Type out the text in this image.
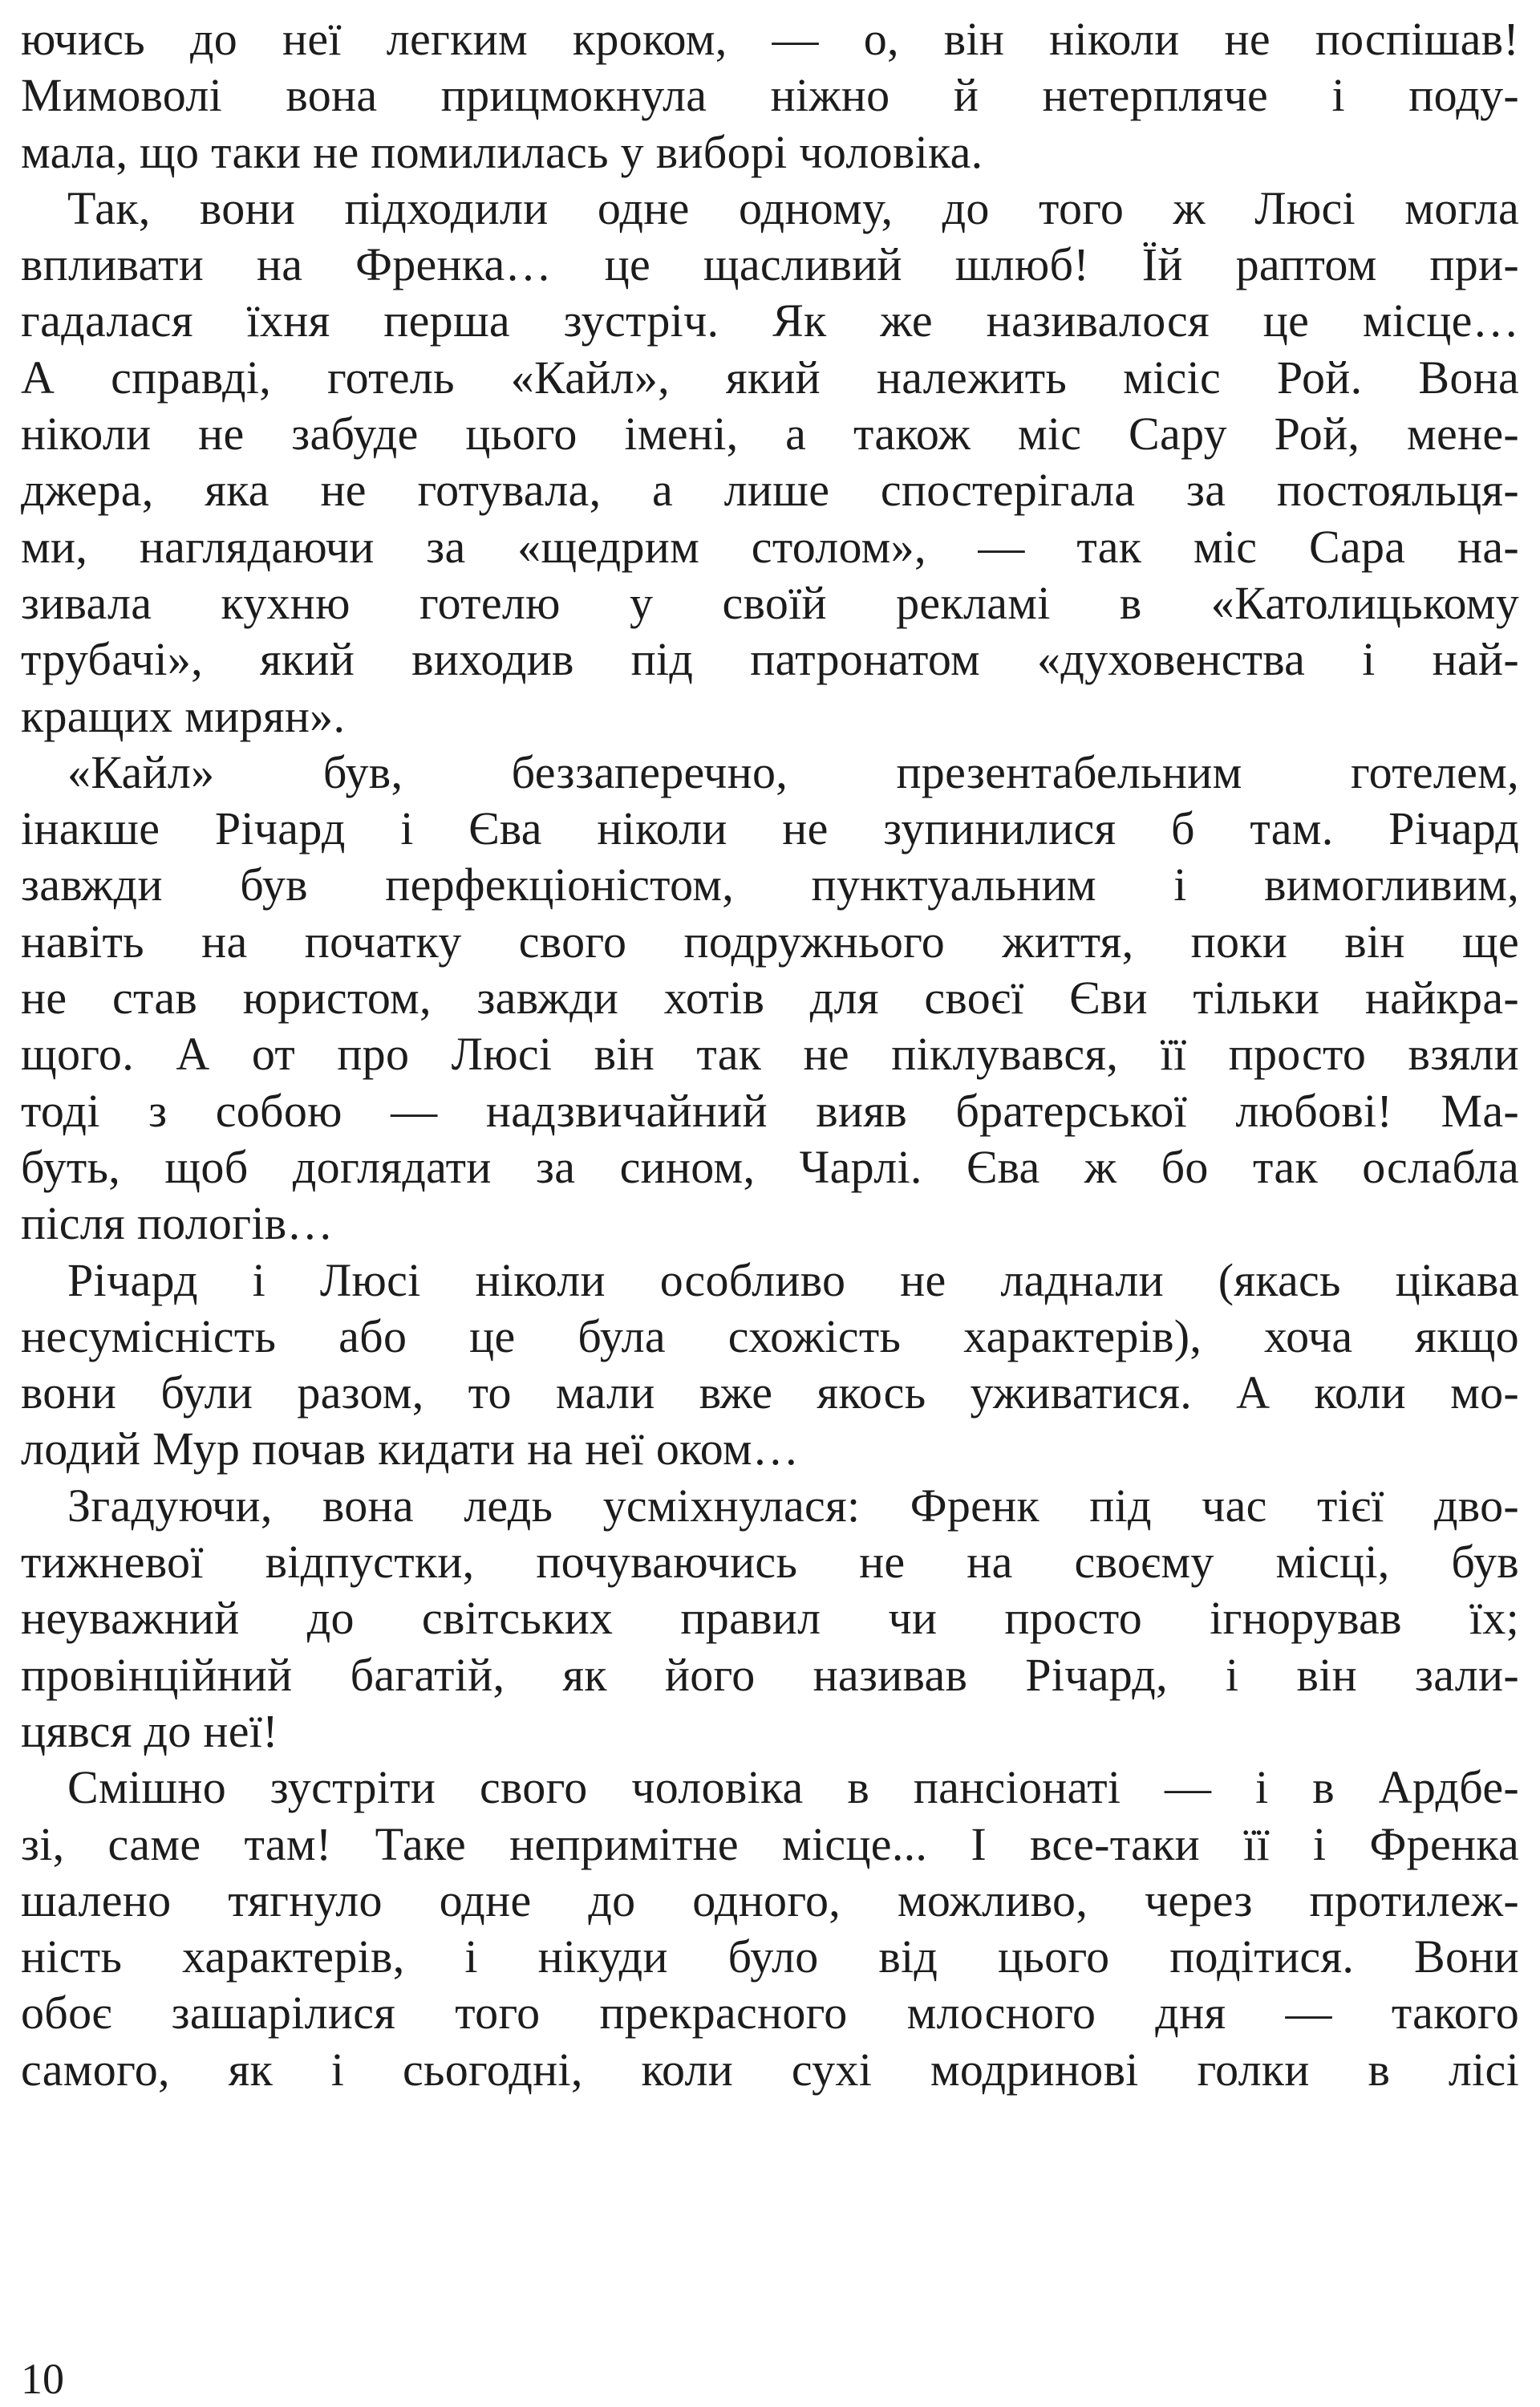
ючись до неї легким кроком, — о, він ніколи не поспішав!
Мимоволі вона прицмокнула ніжно й нетерпляче і поду-
мала, що таки не помилилась у виборі чоловіка.
Так, вони підходили одне одному, до того ж Люсі могла
впливати на Френка… це щасливий шлюб! Їй раптом при-
гадалася їхня перша зустріч. Як же називалося це місце…
А справді, готель «Кайл», який належить місіс Рой. Вона
ніколи не забуде цього імені, а також міс Сару Рой, мене-
джера, яка не готувала, а лише спостерігала за постояльця-
ми, наглядаючи за «щедрим столом», — так міс Сара на-
зивала кухню готелю у своїй рекламі в «Католицькому
трубачі», який виходив під патронатом «духовенства і най-
кращих мирян».
«Кайл» був, беззаперечно, презентабельним готелем,
інакше Річард і Єва ніколи не зупинилися б там. Річард
завжди був перфекціоністом, пунктуальним і вимогливим,
навіть на початку свого подружнього життя, поки він ще
не став юристом, завжди хотів для своєї Єви тільки найкра-
щого. А от про Люсі він так не піклувався, її просто взяли
тоді з собою — надзвичайний вияв братерської любові! Ма-
буть, щоб доглядати за сином, Чарлі. Єва ж бо так ослабла
після пологів…
Річард і Люсі ніколи особливо не ладнали (якась цікава
несумісність або це була схожість характерів), хоча якщо
вони були разом, то мали вже якось уживатися. А коли мо-
лодий Мур почав кидати на неї оком…
Згадуючи, вона ледь усміхнулася: Френк під час тієї дво-
тижневої відпустки, почуваючись не на своєму місці, був
неуважний до світських правил чи просто ігнорував їх;
провінційний багатій, як його називав Річард, і він зали-
цявся до неї!
Смішно зустріти свого чоловіка в пансіонаті — і в Ардбе-
зі, саме там! Таке непримітне місце... І все-таки її і Френка
шалено тягнуло одне до одного, можливо, через протилеж-
ність характерів, і нікуди було від цього подітися. Вони
обоє зашарілися того прекрасного млосного дня — такого
самого, як і сьогодні, коли сухі модринові голки в лісі
10
